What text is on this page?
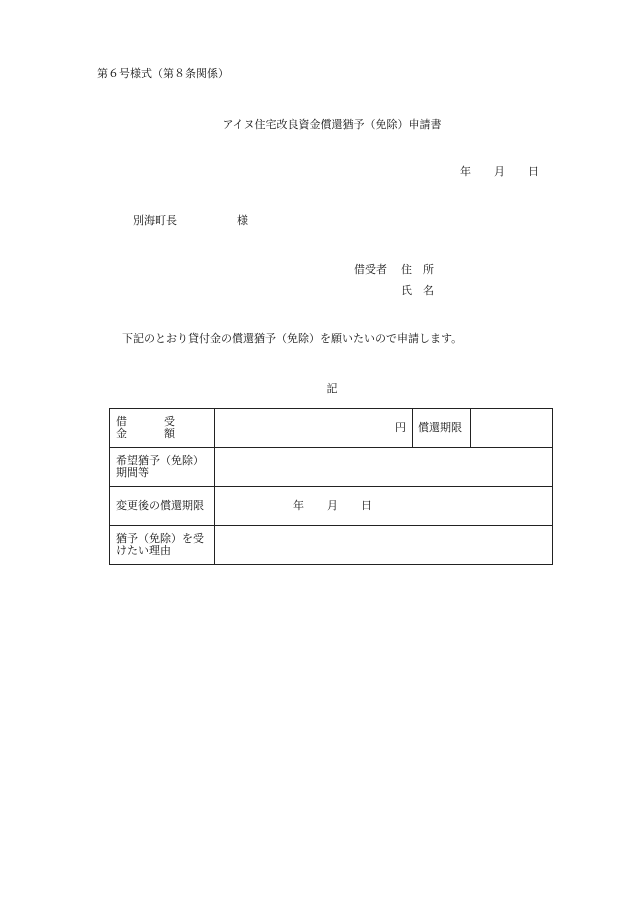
第６号様式（第８条関係）
アイヌ住宅改良資金償還猶予（免除）申請書
年 月 日
別海町長	様
借受者 住　所
氏　名
下記のとおり貸付金の償還猶予（免除）を願いたいので申請します。
記
借　受　金　額	円	償還期限	
希望猶予（免除）期間等			
変更後の償還期限	年 月 日		
猶予（免除）を受けたい理由			
